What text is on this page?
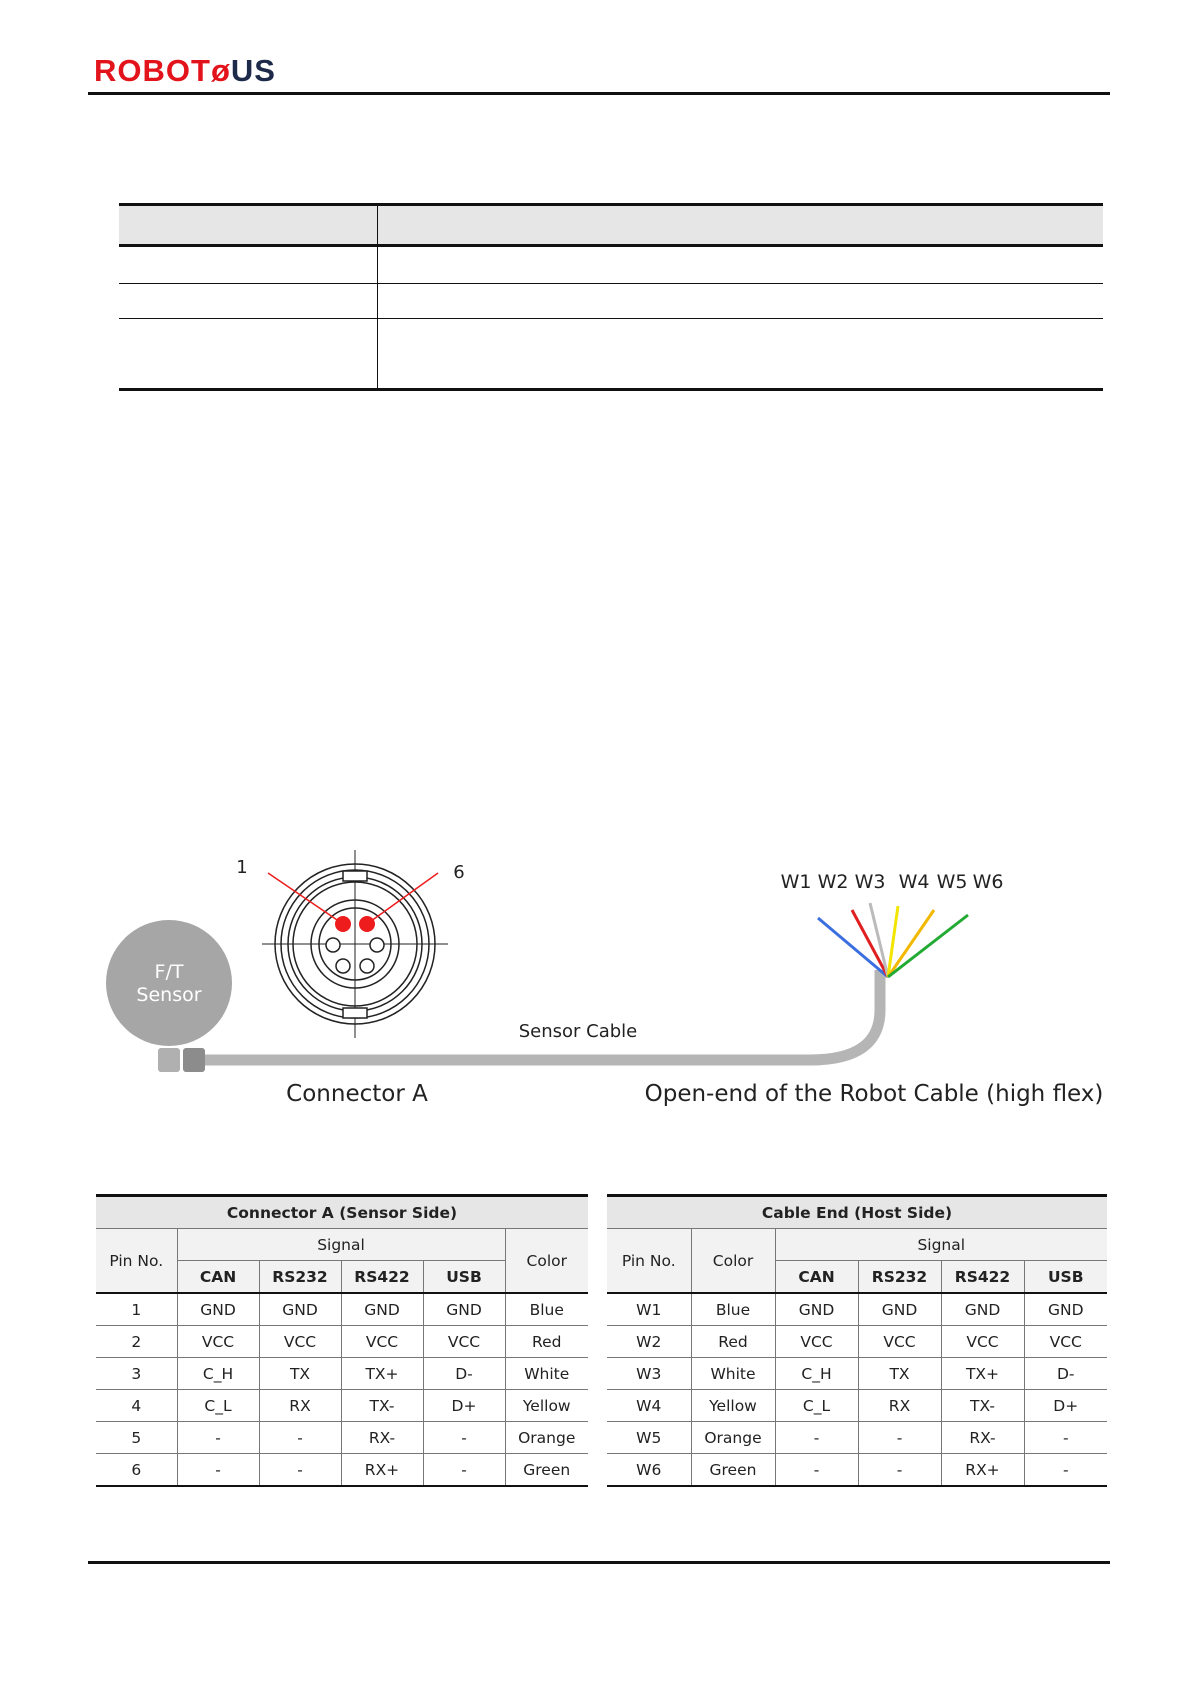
ROBOTøUS

F/T
Sensor
1	6	W1 W2 W3 W4 W5 W6
Sensor Cable
Connector A	Open-end of the Robot Cable (high flex)
Connector A (Sensor Side)					
Pin No.	Signal				Color
	CAN	RS232	RS422	USB	
1	GND	GND	GND	GND	Blue
2	VCC	VCC	VCC	VCC	Red
3	C_H	TX	TX+	D-	White
4	C_L	RX	TX-	D+	Yellow
5	-	-	RX-	-	Orange
6	-	-	RX+	-	Green
Cable End (Host Side)					
Pin No.	Color	Signal			
		CAN	RS232	RS422	USB
W1	Blue	GND	GND	GND	GND
W2	Red	VCC	VCC	VCC	VCC
W3	White	C_H	TX	TX+	D-
W4	Yellow	C_L	RX	TX-	D+
W5	Orange	-	-	RX-	-
W6	Green	-	-	RX+	-
